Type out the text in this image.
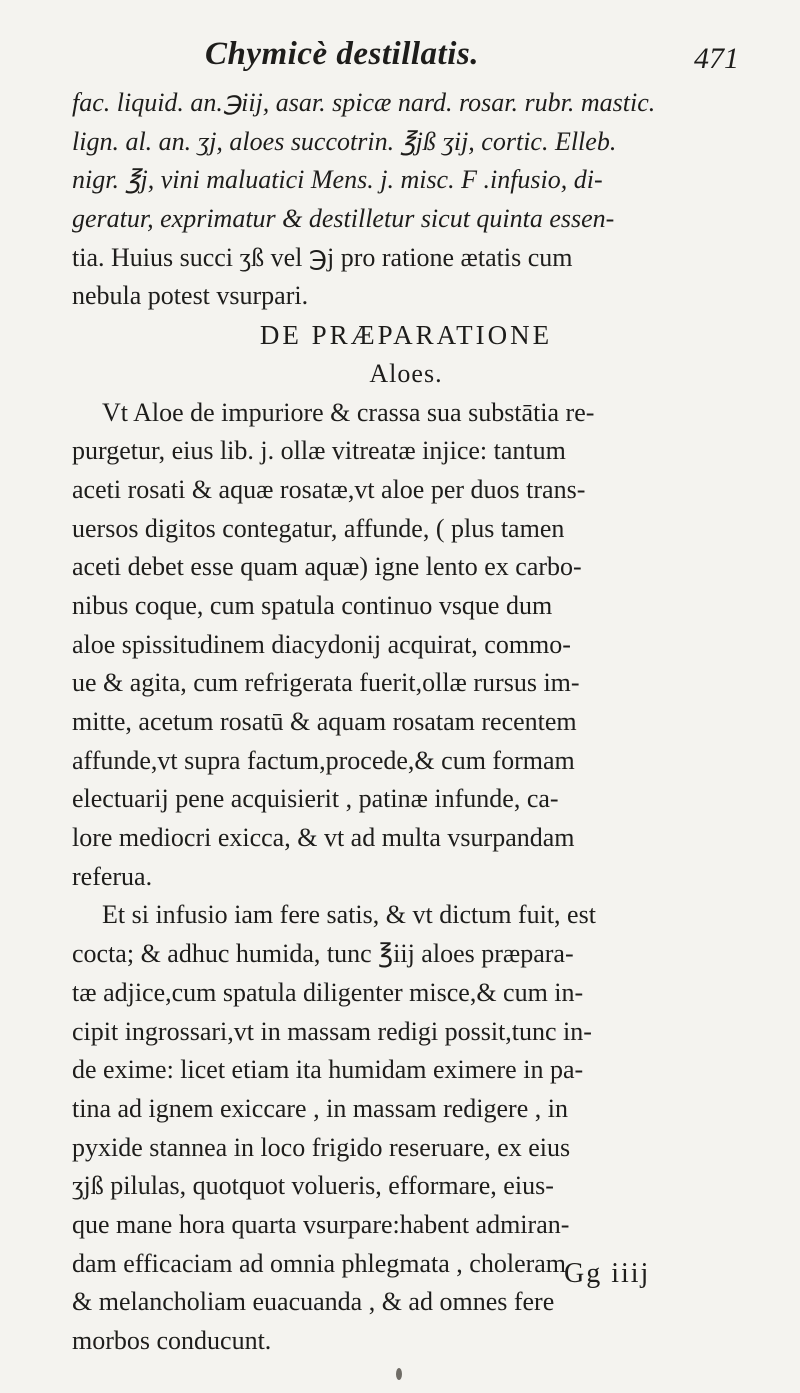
Chymicè destillatis.	471
fac. liquid. an.℈iij, asar. spicæ nard. rosar. rubr. mastic.
lign. al. an. ʒj, aloes succotrin. ℥jß ʒij, cortic. Elleb.
nigr. ℥j, vini maluatici Mens. j. misc. F .infusio, di-
geratur, exprimatur & destilletur sicut quinta essen-
tia. Huius succi ʒß vel ℈j pro ratione ætatis cum
nebula potest vsurpari.
DE PRÆPARATIONE
Aloes.
Vt Aloe de impuriore & crassa sua substātia re-
purgetur, eius lib. j. ollæ vitreatæ injice: tantum
aceti rosati & aquæ rosatæ,vt aloe per duos trans-
uersos digitos contegatur, affunde, ( plus tamen
aceti debet esse quam aquæ) igne lento ex carbo-
nibus coque, cum spatula continuo vsque dum
aloe spissitudinem diacydonij acquirat, commo-
ue & agita, cum refrigerata fuerit,ollæ rursus im-
mitte, acetum rosatū & aquam rosatam recentem
affunde,vt supra factum,procede,& cum formam
electuarij pene acquisierit , patinæ infunde, ca-
lore mediocri exicca, & vt ad multa vsurpandam
referua.
Et si infusio iam fere satis, & vt dictum fuit, est
cocta; & adhuc humida, tunc ℥iij aloes præpara-
tæ adjice,cum spatula diligenter misce,& cum in-
cipit ingrossari,vt in massam redigi possit,tunc in-
de exime: licet etiam ita humidam eximere in pa-
tina ad ignem exiccare , in massam redigere , in
pyxide stannea in loco frigido reseruare, ex eius
ʒjß pilulas, quotquot volueris, efformare, eius-
que mane hora quarta vsurpare:habent admiran-
dam efficaciam ad omnia phlegmata , choleram
& melancholiam euacuanda , & ad omnes fere
morbos conducunt.
Gg iiij
